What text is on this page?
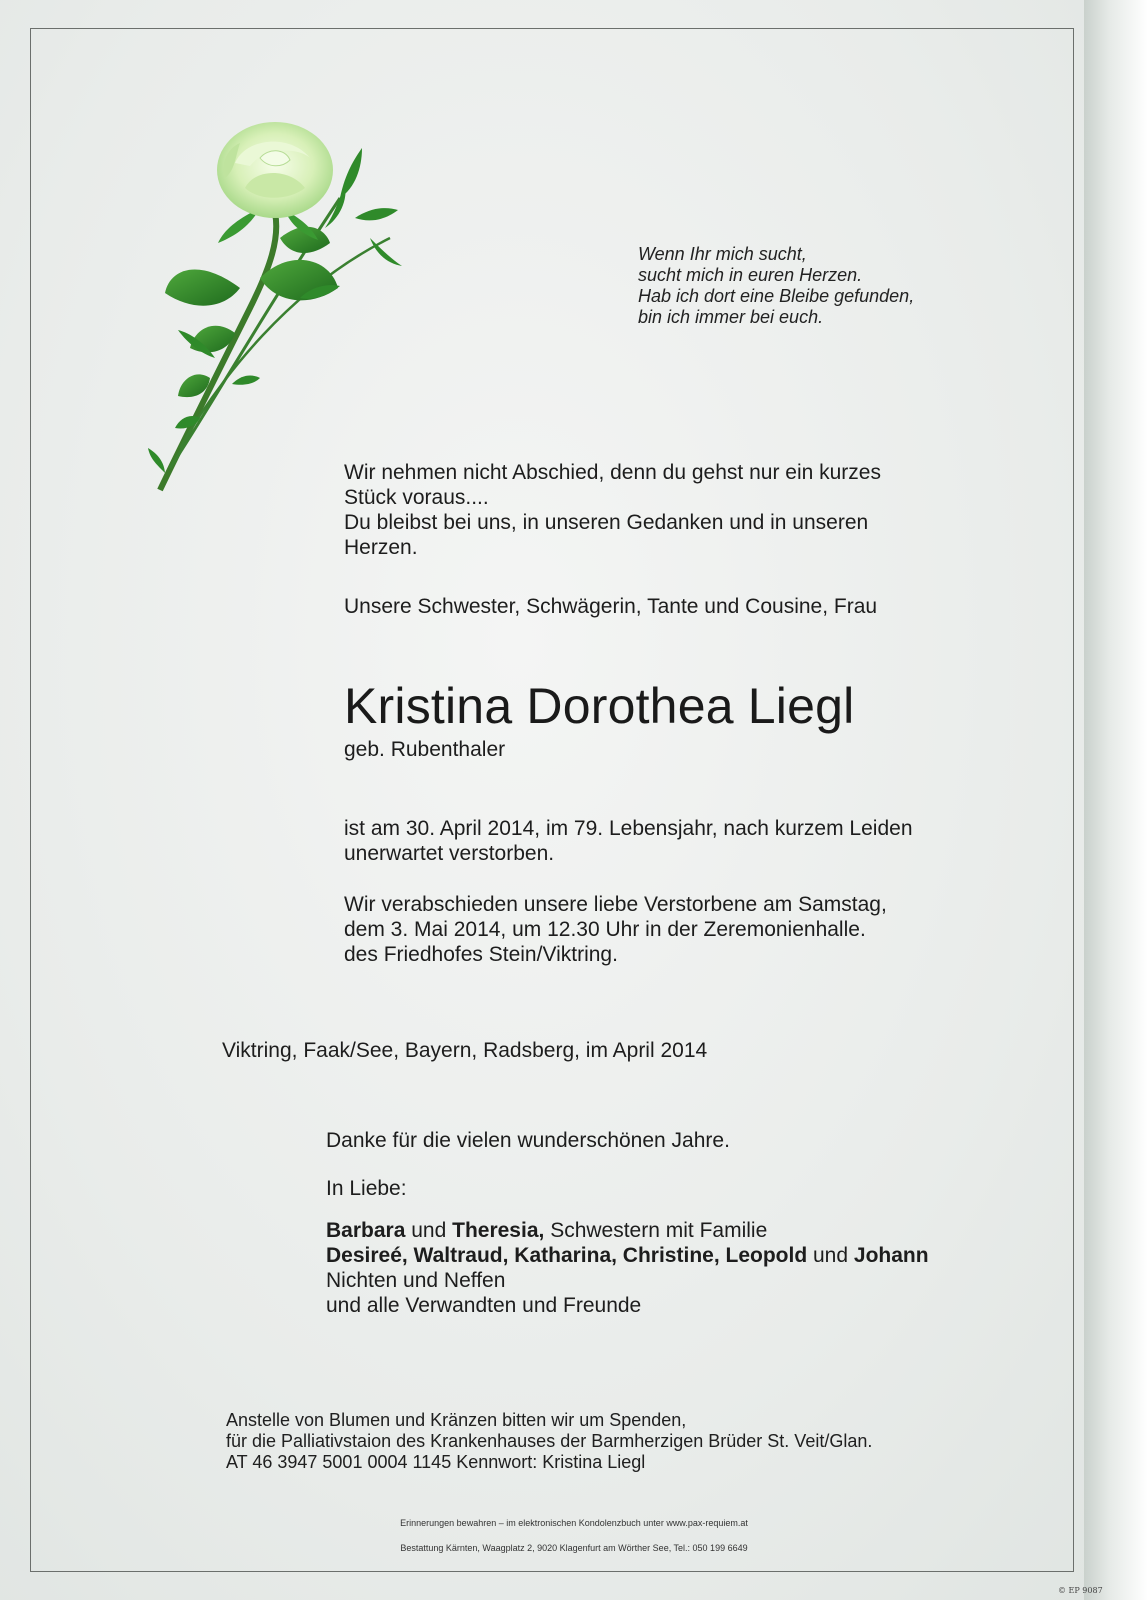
Wenn Ihr mich sucht,
sucht mich in euren Herzen.
Hab ich dort eine Bleibe gefunden,
bin ich immer bei euch.
Wir nehmen nicht Abschied, denn du gehst nur ein kurzes
Stück voraus....
Du bleibst bei uns, in unseren Gedanken und in unseren
Herzen.
Unsere Schwester, Schwägerin, Tante und Cousine, Frau
Kristina Dorothea Liegl
geb. Rubenthaler
ist am 30. April 2014, im 79. Lebensjahr, nach kurzem Leiden
unerwartet verstorben.
Wir verabschieden unsere liebe Verstorbene am Samstag,
dem 3. Mai 2014, um 12.30 Uhr in der Zeremonienhalle.
des Friedhofes Stein/Viktring.
Viktring, Faak/See, Bayern, Radsberg, im April 2014
Danke für die vielen wunderschönen Jahre.
In Liebe:
Barbara und Theresia, Schwestern mit Familie
Desireé, Waltraud, Katharina, Christine, Leopold und Johann
Nichten und Neffen
und alle Verwandten und Freunde
Anstelle von Blumen und Kränzen bitten wir um Spenden,
für die Palliativstaion des Krankenhauses der Barmherzigen Brüder St. Veit/Glan.
AT 46 3947 5001 0004 1145 Kennwort: Kristina Liegl
Erinnerungen bewahren – im elektronischen Kondolenzbuch unter www.pax-requiem.at
Bestattung Kärnten, Waagplatz 2, 9020 Klagenfurt am Wörther See, Tel.: 050 199 6649
© EP 9087
